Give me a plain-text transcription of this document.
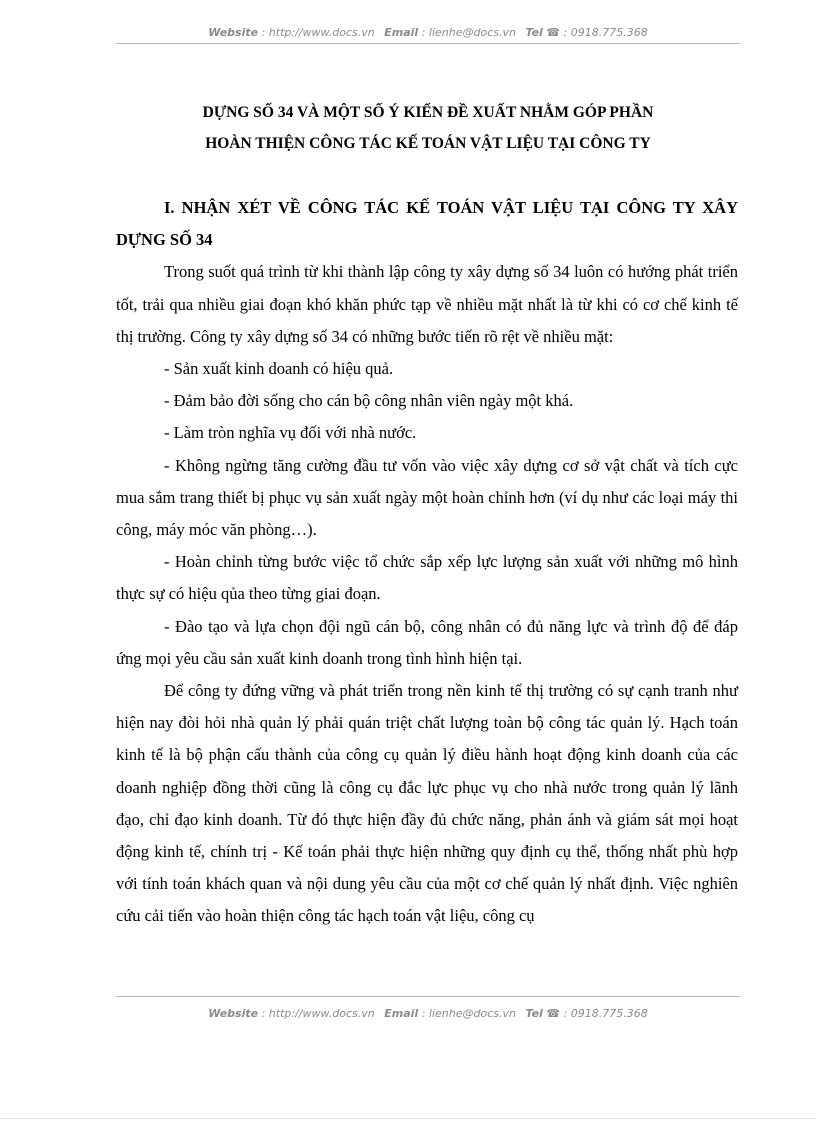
Website : http://www.docs.vn Email : lienhe@docs.vn Tel ☎ : 0918.775.368
DỰNG SỐ 34 VÀ MỘT SỐ Ý KIẾN ĐỀ XUẤT NHẰM GÓP PHẦN
HOÀN THIỆN CÔNG TÁC KẾ TOÁN VẬT LIỆU TẠI CÔNG TY

I. NHẬN XÉT VỀ CÔNG TÁC KẾ TOÁN VẬT LIỆU TẠI CÔNG TY XÂY DỰNG SỐ 34

Trong suốt quá trình từ khi thành lập công ty xây dựng số 34 luôn có hướng phát triển tốt, trải qua nhiều giai đoạn khó khăn phức tạp về nhiều mặt nhất là từ khi có cơ chế kinh tế thị trường. Công ty xây dựng số 34 có những bước tiến rõ rệt về nhiều mặt:

- Sản xuất kinh doanh có hiệu quả.

- Đảm bảo đời sống cho cán bộ công nhân viên ngày một khá.

- Làm tròn nghĩa vụ đối với nhà nước.

- Không ngừng tăng cường đầu tư vốn vào việc xây dựng cơ sở vật chất và tích cực mua sắm trang thiết bị phục vụ sản xuất ngày một hoàn chỉnh hơn (ví dụ như các loại máy thi công, máy móc văn phòng…).

- Hoàn chỉnh từng bước việc tổ chức sắp xếp lực lượng sản xuất với những mô hình thực sự có hiệu qủa theo từng giai đoạn.

- Đào tạo và lựa chọn đội ngũ cán bộ, công nhân có đủ năng lực và trình độ để đáp ứng mọi yêu cầu sản xuất kinh doanh trong tình hình hiện tại.

Để công ty đứng vững và phát triển trong nền kinh tế thị trường có sự cạnh tranh như hiện nay đòi hỏi nhà quản lý phải quán triệt chất lượng toàn bộ công tác quản lý. Hạch toán kinh tế là bộ phận cấu thành của công cụ quản lý điều hành hoạt động kinh doanh của các doanh nghiệp đồng thời cũng là công cụ đắc lực phục vụ cho nhà nước trong quản lý lãnh đạo, chỉ đạo kinh doanh. Từ đó thực hiện đầy đủ chức năng, phản ánh và giám sát mọi hoạt động kinh tế, chính trị - Kế toán phải thực hiện những quy định cụ thể, thống nhất phù hợp với tính toán khách quan và nội dung yêu cầu của một cơ chế quản lý nhất định. Việc nghiên cứu cải tiến vào hoàn thiện công tác hạch toán vật liệu, công cụ

Website : http://www.docs.vn Email : lienhe@docs.vn Tel ☎ : 0918.775.368
